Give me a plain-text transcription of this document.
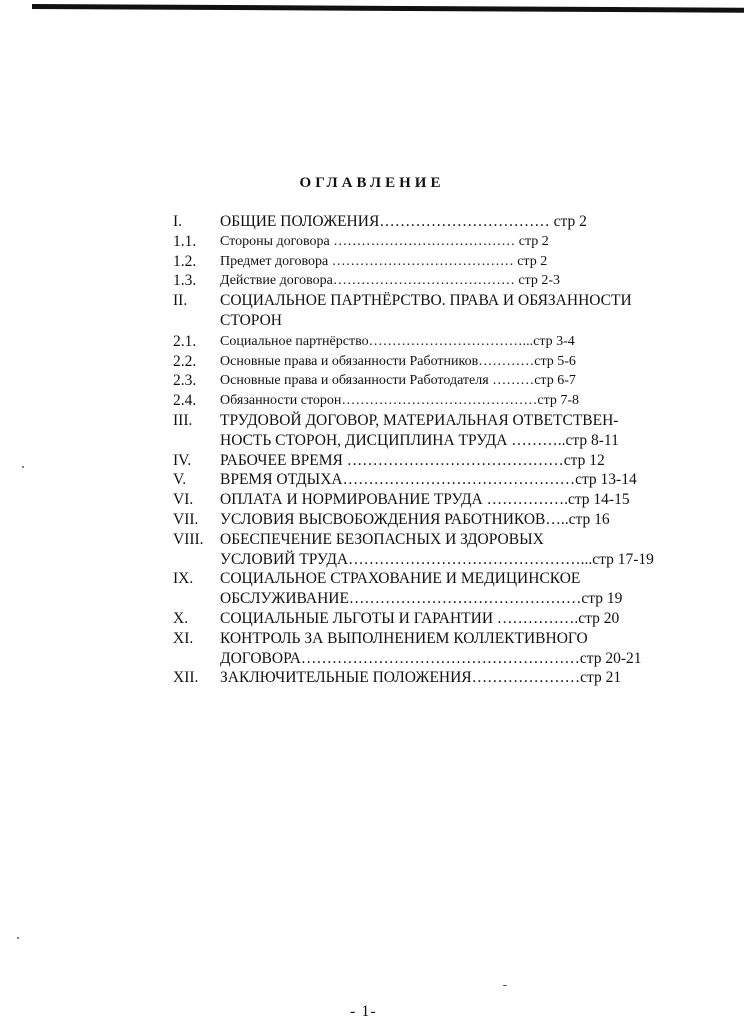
ОГЛАВЛЕНИЕ
I.	ОБЩИЕ ПОЛОЖЕНИЯ…………………………… стр 2
1.1.	Стороны договора ………………………………… стр 2
1.2.	Предмет договора ………………………………… стр 2
1.3.	Действие договора………………………………… стр 2-3
II.	СОЦИАЛЬНОЕ ПАРТНЁРСТВО. ПРАВА И ОБЯЗАННОСТИ
СТОРОН
2.1.	Социальное партнёрство……………………………...стр 3-4
2.2.	Основные права и обязанности Работников…………стр 5-6
2.3.	Основные права и обязанности Работодателя ………стр 6-7
2.4.	Обязанности сторон……………………………………стр 7-8
III.	ТРУДОВОЙ ДОГОВОР, МАТЕРИАЛЬНАЯ ОТВЕТСТВЕН-
НОСТЬ СТОРОН, ДИСЦИПЛИНА ТРУДА ………..стр 8-11
IV.	РАБОЧЕЕ ВРЕМЯ ……………………………………стр 12
V.	ВРЕМЯ ОТДЫХА………………………………………стр 13-14
VI.	ОПЛАТА И НОРМИРОВАНИЕ ТРУДА …………….стр 14-15
VII.	УСЛОВИЯ ВЫСВОБОЖДЕНИЯ РАБОТНИКОВ…..стр 16
VIII.	ОБЕСПЕЧЕНИЕ БЕЗОПАСНЫХ И ЗДОРОВЫХ
УСЛОВИЙ ТРУДА………………………………………...стр 17-19
IX.	СОЦИАЛЬНОЕ СТРАХОВАНИЕ И МЕДИЦИНСКОЕ
ОБСЛУЖИВАНИЕ………………………………………стр 19
X.	СОЦИАЛЬНЫЕ ЛЬГОТЫ И ГАРАНТИИ …………….стр 20
XI.	КОНТРОЛЬ ЗА ВЫПОЛНЕНИЕМ КОЛЛЕКТИВНОГО
ДОГОВОРА………………………………………………стр 20-21
XII.	ЗАКЛЮЧИТЕЛЬНЫЕ ПОЛОЖЕНИЯ…………………стр 21
- 1-
